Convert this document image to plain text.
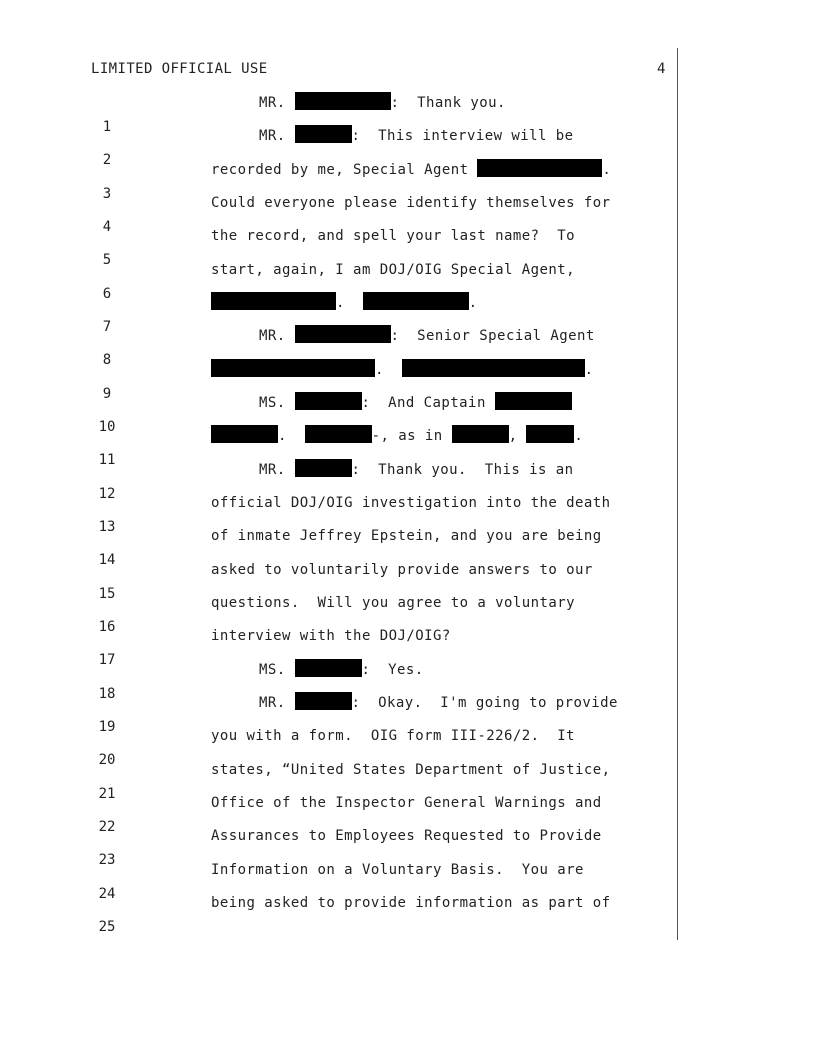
LIMITED OFFICIAL USE	4

1

MR.	:  Thank you.

2

MR.	:  This interview will be

3

recorded by me, Special Agent	.

4

Could everyone please identify themselves for

5

the record, and spell your last name?  To

6

start, again, I am DOJ/OIG Special Agent,

7

.	.

8

MR.	:  Senior Special Agent

9

.	.

10

MS.	:  And Captain

11

.	-, as in	,	.

12

MR.	:  Thank you.  This is an

13

official DOJ/OIG investigation into the death

14

of inmate Jeffrey Epstein, and you are being

15

asked to voluntarily provide answers to our

16

questions.  Will you agree to a voluntary

17

interview with the DOJ/OIG?

18

MS.	:  Yes.

19

MR.	:  Okay.  I'm going to provide

20

you with a form.  OIG form III-226/2.  It

21

states, “United States Department of Justice,

22

Office of the Inspector General Warnings and

23

Assurances to Employees Requested to Provide

24

Information on a Voluntary Basis.  You are

25

being asked to provide information as part of
